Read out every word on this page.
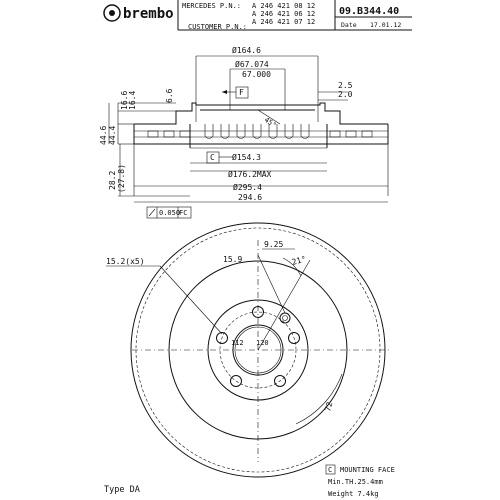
brembo MERCEDES P.N.: A 246 421 08 12
A 246 421 06 12
A 246 421 07 12
CUSTOMER P.N.:
09.B344.40
Date 17.01.12
Ø164.6
Ø67.074
67.000
2.5
2.0
F
45°
16.6 16.4	6.6
44.6 44.4
28.2 (27.8)
C Ø154.3
Ø176.2MAX
Ø295.4
294.6
0.050
FC
15.2(x5)
9.25
15.9	21°
112 120
72
Type DA
C MOUNTING FACE
Min.TH.25.4mm
Weight 7.4kg
